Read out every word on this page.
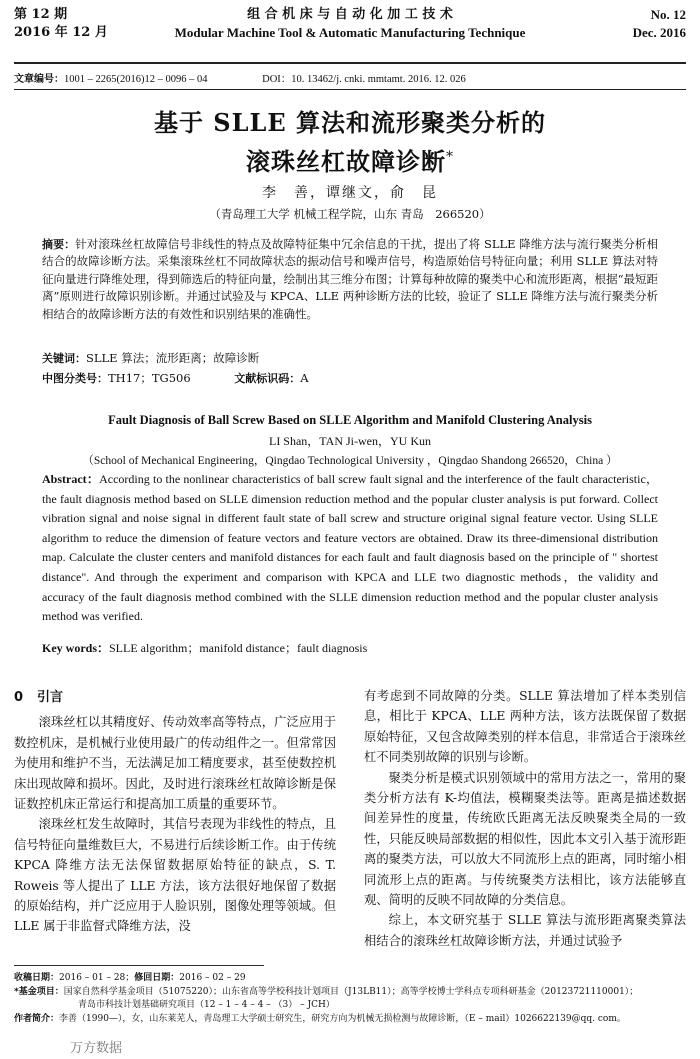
第 12 期
2016 年 12 月
组 合 机 床 与 自 动 化 加 工 技 术
Modular Machine Tool & Automatic Manufacturing Technique
No. 12
Dec. 2016
文章编号：1001 – 2265(2016)12 – 0096 – 04	DOI：10. 13462/j. cnki. mmtamt. 2016. 12. 026
基于 SLLE 算法和流形聚类分析的
滚珠丝杠故障诊断*
李　善，谭继文，俞　昆
（青岛理工大学 机械工程学院，山东 青岛　266520）
摘要：针对滚珠丝杠故障信号非线性的特点及故障特征集中冗余信息的干扰，提出了将 SLLE 降维方法与流行聚类分析相结合的故障诊断方法。采集滚珠丝杠不同故障状态的振动信号和噪声信号，构造原始信号特征向量；利用 SLLE 算法对特征向量进行降维处理，得到筛选后的特征向量，绘制出其三维分布图；计算每种故障的聚类中心和流形距离，根据“最短距离”原则进行故障识别诊断。并通过试验及与 KPCA、LLE 两种诊断方法的比较，验证了 SLLE 降维方法与流行聚类分析相结合的故障诊断方法的有效性和识别结果的准确性。
关键词：SLLE 算法；流形距离；故障诊断
中图分类号：TH17；TG506	文献标识码：A
Fault Diagnosis of Ball Screw Based on SLLE Algorithm and Manifold Clustering Analysis
LI Shan，TAN Ji-wen，YU Kun
（School of Mechanical Engineering，Qingdao Technological University ，Qingdao Shandong 266520，China ）
Abstract：According to the nonlinear characteristics of ball screw fault signal and the interference of the fault characteristic，the fault diagnosis method based on SLLE dimension reduction method and the popular cluster analysis is put forward. Collect vibration signal and noise signal in different fault state of ball screw and structure original signal feature vector. Using SLLE algorithm to reduce the dimension of feature vectors and feature vectors are obtained. Draw its three-dimensional distribution map. Calculate the cluster centers and manifold distances for each fault and fault diagnosis based on the principle of " shortest distance". And through the experiment and comparison with KPCA and LLE two diagnostic methods，the validity and accuracy of the fault diagnosis method combined with the SLLE dimension reduction method and the popular cluster analysis method was verified.
Key words：SLLE algorithm；manifold distance；fault diagnosis
0 引言

滚珠丝杠以其精度好、传动效率高等特点，广泛应用于数控机床，是机械行业使用最广的传动组件之一。但常常因为使用和维护不当，无法满足加工精度要求，甚至使数控机床出现故障和损坏。因此，及时进行滚珠丝杠故障诊断是保证数控机床正常运行和提高加工质量的重要环节。

滚珠丝杠发生故障时，其信号表现为非线性的特点，且信号特征向量维数巨大，不易进行后续诊断工作。由于传统 KPCA 降维方法无法保留数据原始特征的缺点，S. T. Roweis 等人提出了 LLE 方法，该方法很好地保留了数据的原始结构，并广泛应用于人脸识别，图像处理等领域。但 LLE 属于非监督式降维方法，没

有考虑到不同故障的分类。SLLE 算法增加了样本类别信息，相比于 KPCA、LLE 两种方法，该方法既保留了数据原始特征，又包含故障类别的样本信息，非常适合于滚珠丝杠不同类别故障的识别与诊断。

聚类分析是模式识别领域中的常用方法之一，常用的聚类分析方法有 K-均值法，模糊聚类法等。距离是描述数据间差异性的度量，传统欧氏距离无法反映聚类全局的一致性，只能反映局部数据的相似性，因此本文引入基于流形距离的聚类方法，可以放大不同流形上点的距离，同时缩小相同流形上点的距离。与传统聚类方法相比，该方法能够直观、简明的反映不同故障的分类信息。

综上，本文研究基于 SLLE 算法与流形距离聚类算法相结合的滚珠丝杠故障诊断方法，并通过试验予

收稿日期：2016 – 01 – 28；修回日期：2016 – 02 – 29
*基金项目：国家自然科学基金项目（51075220）；山东省高等学校科技计划项目（J13LB11）；高等学校博士学科点专项科研基金（20123721110001）；
青岛市科技计划基础研究项目（12 – 1 – 4 – 4 – （3） – JCH）
作者简介：李善（1990—），女，山东莱芜人，青岛理工大学硕士研究生，研究方向为机械无损检测与故障诊断，（E – mail）1026622139@qq. com。
万方数据
